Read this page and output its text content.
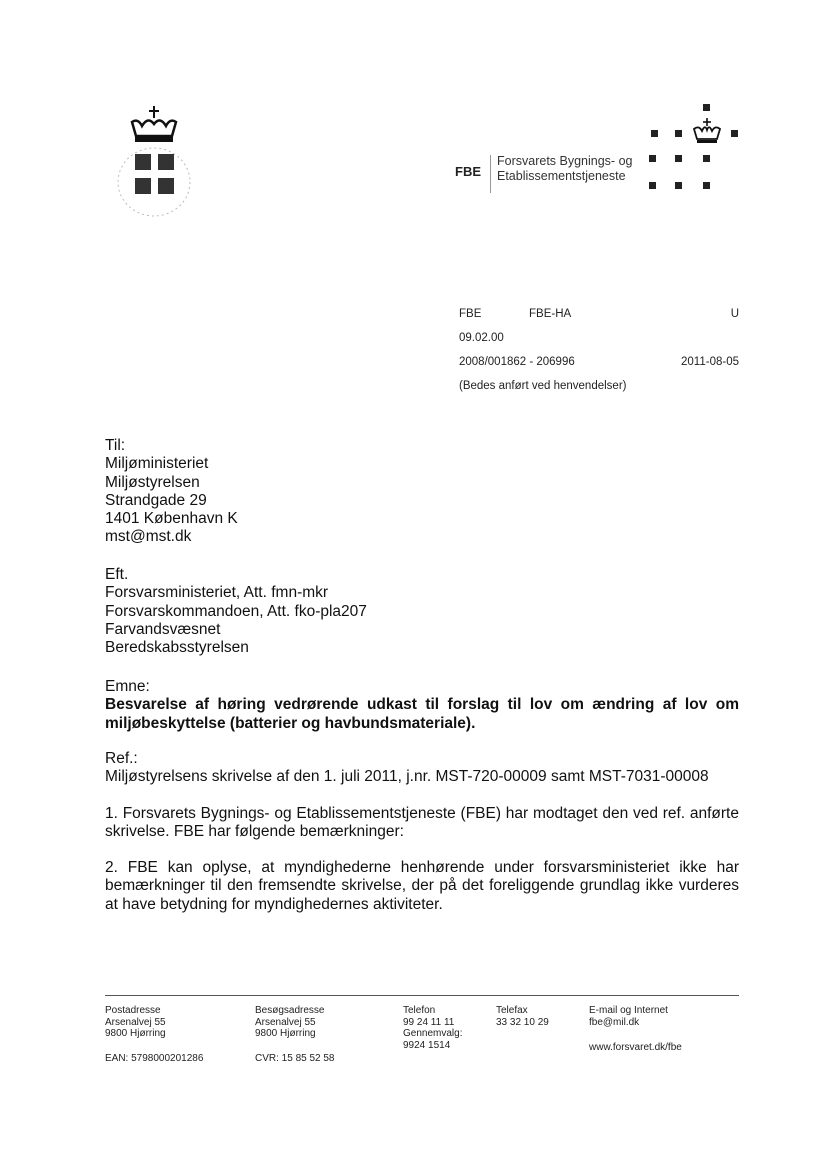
FBE
Forsvarets Bygnings- og
Etablissementstjeneste
FBE	FBE-HA	U
09.02.00
2008/001862 - 206996	2011-08-05
(Bedes anført ved henvendelser)
Til:
Miljøministeriet
Miljøstyrelsen
Strandgade 29
1401 København K
mst@mst.dk
Eft.
Forsvarsministeriet, Att. fmn-mkr
Forsvarskommandoen, Att. fko-pla207
Farvandsvæsnet
Beredskabsstyrelsen
Emne:
Besvarelse af høring vedrørende udkast til forslag til lov om ændring af lov om miljøbeskyttelse (batterier og havbundsmateriale).
Ref.:
Miljøstyrelsens skrivelse af den 1. juli 2011, j.nr. MST-720-00009 samt MST-7031-00008
1. Forsvarets Bygnings- og Etablissementstjeneste (FBE) har modtaget den ved ref. anførte skrivelse. FBE har følgende bemærkninger:
2. FBE kan oplyse, at myndighederne henhørende under forsvarsministeriet ikke har bemærkninger til den fremsendte skrivelse, der på det foreliggende grundlag ikke vurderes at have betydning for myndighedernes aktiviteter.
Postadresse
Arsenalvej 55
9800 Hjørring
EAN: 5798000201286
Besøgsadresse
Arsenalvej 55
9800 Hjørring
CVR: 15 85 52 58
Telefon
99 24 11 11
Gennemvalg:
9924 1514
Telefax
33 32 10 29
E-mail og Internet
fbe@mil.dk
www.forsvaret.dk/fbe
